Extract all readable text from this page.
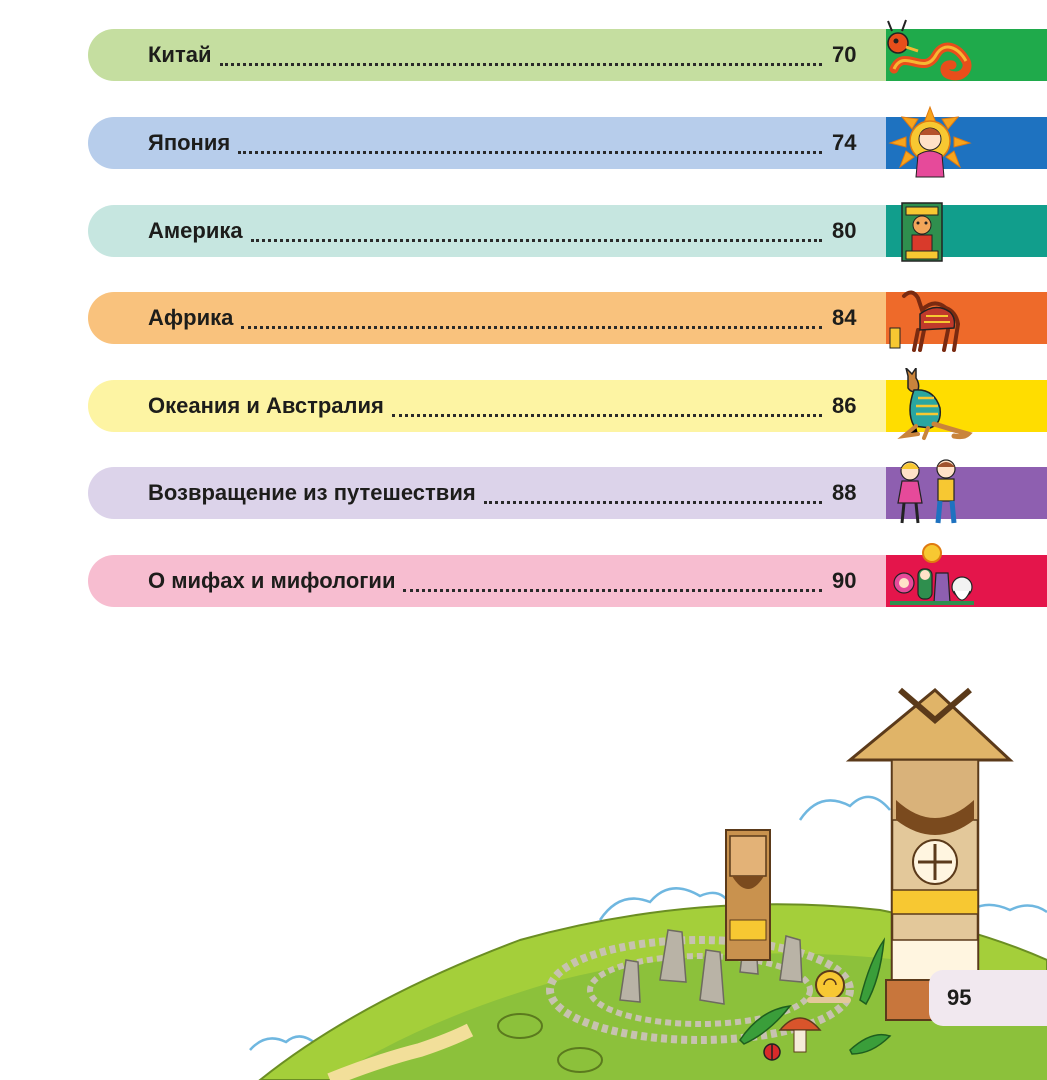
Китай	70
Япония	74
Америка	80
Африка	84
Океания и Австралия	86
Возвращение из путешествия	88
О мифах и мифологии	90
95
